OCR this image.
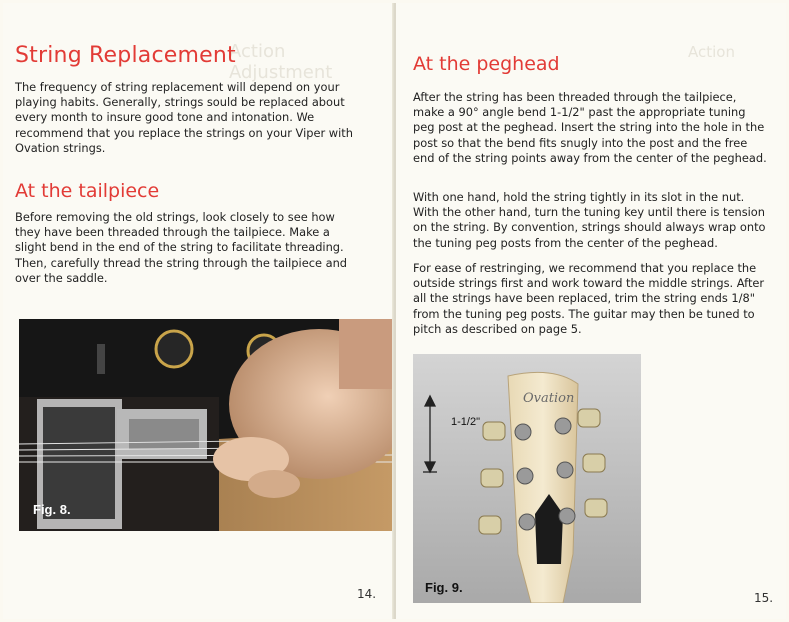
Action Adjustment
String Replacement

The frequency of string replacement will depend on your playing habits. Generally, strings sould be replaced about every month to insure good tone and intonation. We recommend that you replace the strings on your Viper with Ovation strings.

At the tailpiece

Before removing the old strings, look closely to see how they have been threaded through the tailpiece. Make a slight bend in the end of the string to facilitate threading. Then, carefully thread the string through the tailpiece and over the saddle.

Fig. 8.
14.
Action
At the peghead

After the string has been threaded through the tailpiece, make a 90° angle bend 1-1/2" past the appropriate tuning peg post at the peghead. Insert the string into the hole in the post so that the bend fits snugly into the post and the free end of the string points away from the center of the peghead.

With one hand, hold the string tightly in its slot in the nut. With the other hand, turn the tuning key until there is tension on the string. By convention, strings should always wrap onto the tuning peg posts from the center of the peghead.

For ease of restringing, we recommend that you replace the outside strings first and work toward the middle strings. After all the strings have been replaced, trim the string ends 1/8" from the tuning peg posts. The guitar may then be tuned to pitch as described on page 5.

Ovation
Fig. 9.
1-1/2"
15.
